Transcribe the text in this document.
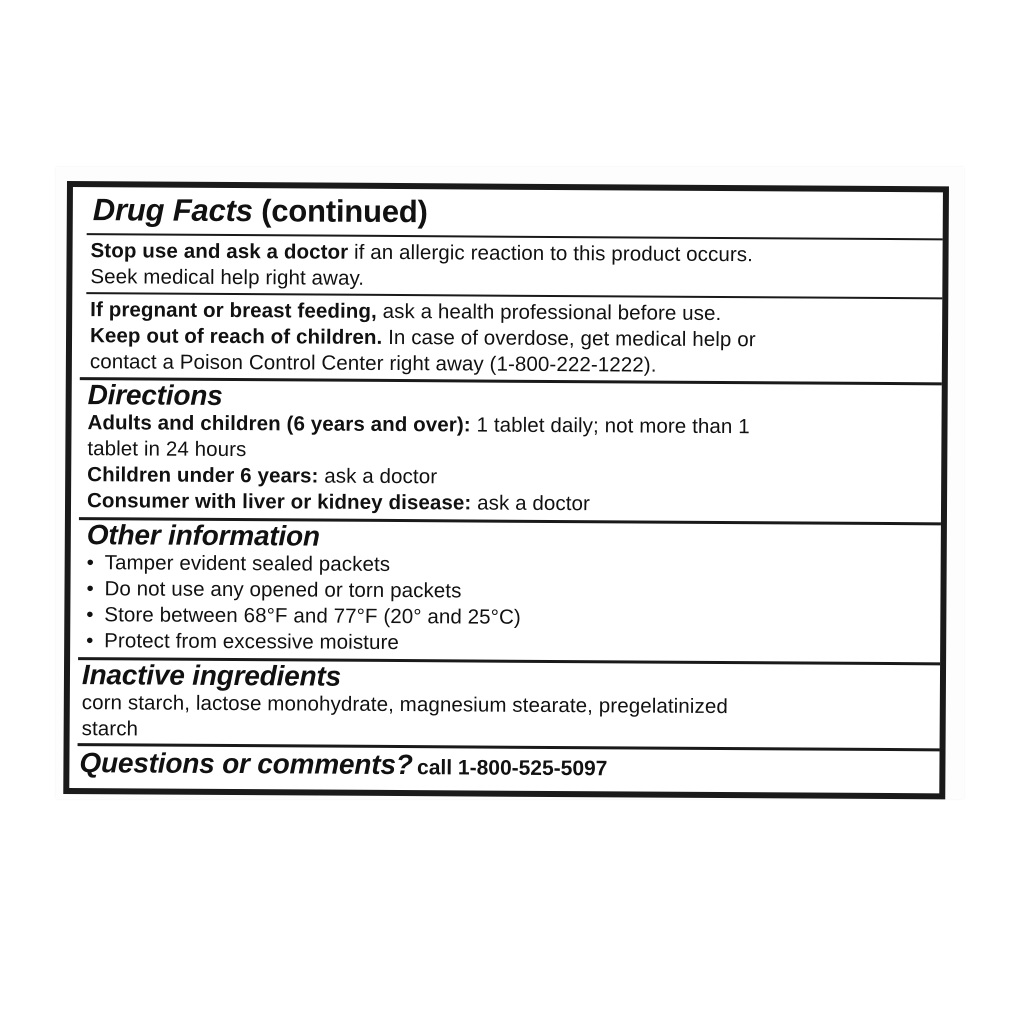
Drug Facts (continued)
Stop use and ask a doctor if an allergic reaction to this product occurs.
Seek medical help right away.
If pregnant or breast feeding, ask a health professional before use.
Keep out of reach of children. In case of overdose, get medical help or
contact a Poison Control Center right away (1-800-222-1222).
Directions
Adults and children (6 years and over): 1 tablet daily; not more than 1
tablet in 24 hours
Children under 6 years: ask a doctor
Consumer with liver or kidney disease: ask a doctor
Other information
• Tamper evident sealed packets
• Do not use any opened or torn packets
• Store between 68°F and 77°F (20° and 25°C)
• Protect from excessive moisture
Inactive ingredients
corn starch, lactose monohydrate, magnesium stearate, pregelatinized
starch
Questions or comments? call 1-800-525-5097
